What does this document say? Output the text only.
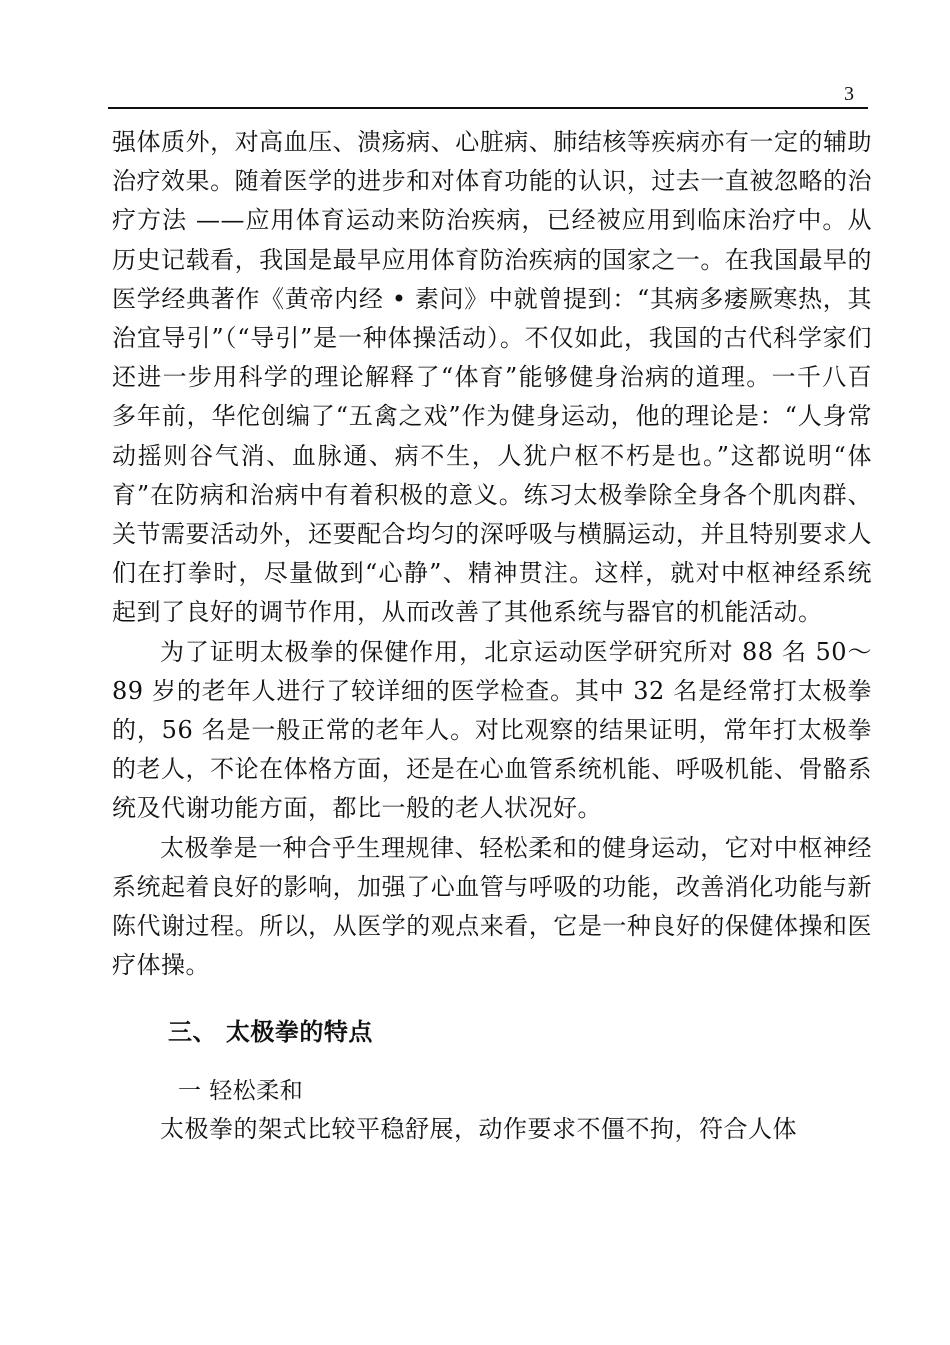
3

强体质外，对高血压、溃疡病、心脏病、肺结核等疾病亦有一定的辅助治疗效果。随着医学的进步和对体育功能的认识，过去一直被忽略的治疗方法 ——应用体育运动来防治疾病，已经被应用到临床治疗中。从历史记载看，我国是最早应用体育防治疾病的国家之一。在我国最早的医学经典著作《黄帝内经 • 素问》中就曾提到：“其病多痿厥寒热，其治宜导引”（“导引”是一种体操活动）。不仅如此，我国的古代科学家们还进一步用科学的理论解释了“体育”能够健身治病的道理。一千八百多年前，华佗创编了“五禽之戏”作为健身运动，他的理论是：“人身常动摇则谷气消、血脉通、病不生，人犹户枢不朽是也。”这都说明“体育”在防病和治病中有着积极的意义。练习太极拳除全身各个肌肉群、关节需要活动外，还要配合均匀的深呼吸与横膈运动，并且特别要求人们在打拳时，尽量做到“心静”、精神贯注。这样，就对中枢神经系统起到了良好的调节作用，从而改善了其他系统与器官的机能活动。

为了证明太极拳的保健作用，北京运动医学研究所对 88 名 50～89 岁的老年人进行了较详细的医学检查。其中 32 名是经常打太极拳的，56 名是一般正常的老年人。对比观察的结果证明，常年打太极拳的老人，不论在体格方面，还是在心血管系统机能、呼吸机能、骨骼系统及代谢功能方面，都比一般的老人状况好。

太极拳是一种合乎生理规律、轻松柔和的健身运动，它对中枢神经系统起着良好的影响，加强了心血管与呼吸的功能，改善消化功能与新陈代谢过程。所以，从医学的观点来看，它是一种良好的保健体操和医疗体操。

三、 太极拳的特点
一 轻松柔和

太极拳的架式比较平稳舒展，动作要求不僵不拘，符合人体
